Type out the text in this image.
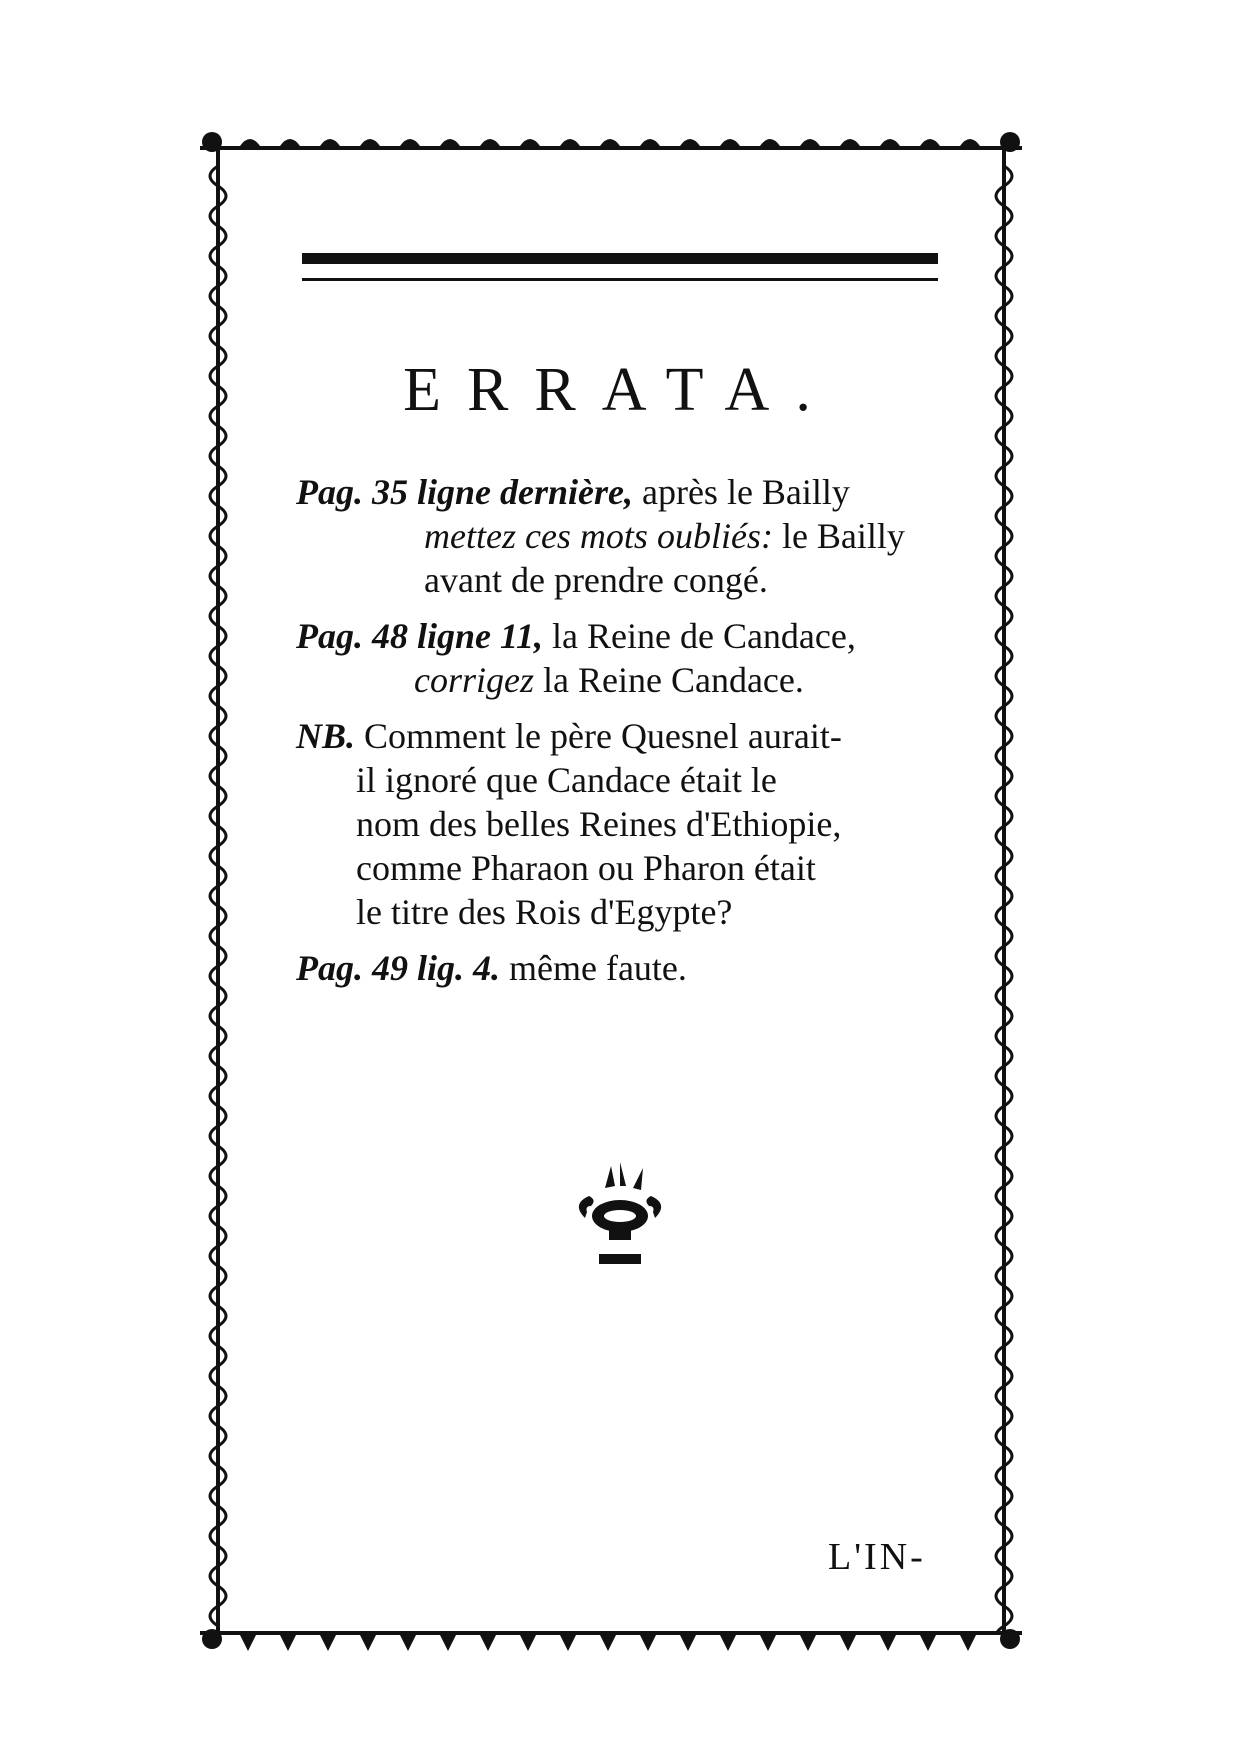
ERRATA.
Pag. 35 ligne dernière, après le Bailly
mettez ces mots oubliés: le Bailly
avant de prendre congé.
Pag. 48 ligne 11, la Reine de Candace,
corrigez la Reine Candace.
NB. Comment le père Quesnel aurait-
il ignoré que Candace était le
nom des belles Reines d'Ethiopie,
comme Pharaon ou Pharon était
le titre des Rois d'Egypte?
Pag. 49 lig. 4. même faute.
L'IN-
